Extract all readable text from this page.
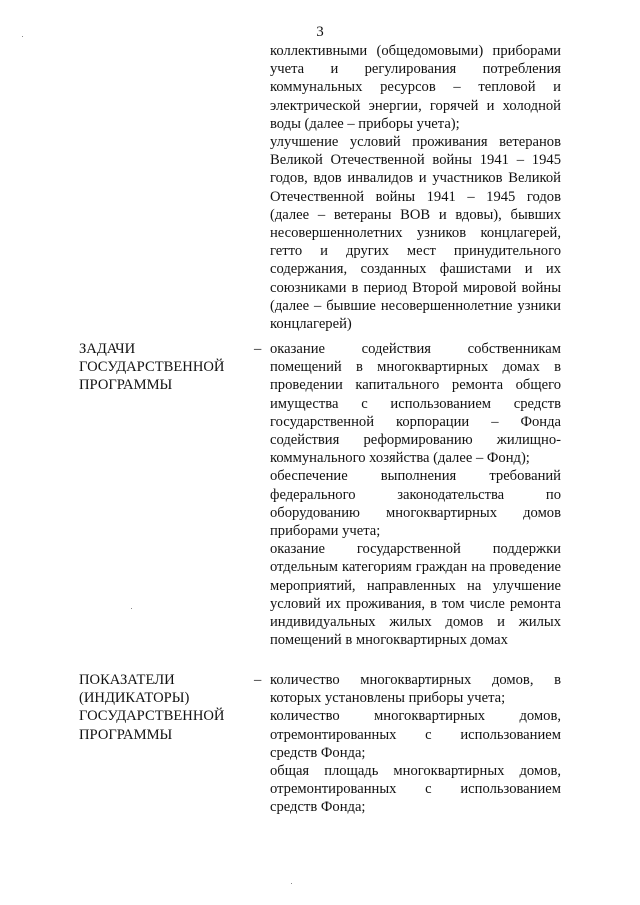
3

коллективными (общедомовыми) приборами учета и регулирования потребления коммунальных ресурсов – тепловой и электрической энергии, горячей и холодной воды (далее – приборы учета);

улучшение условий проживания ветеранов Великой Отечественной войны 1941 – 1945 годов, вдов инвалидов и участников Великой Отечественной войны 1941 – 1945 годов (далее – ветераны ВОВ и вдовы), бывших несовершеннолетних узников концлагерей, гетто и других мест принудительного содержания, созданных фашистами и их союзниками в период Второй мировой войны (далее – бывшие несовершеннолетние узники концлагерей)

ЗАДАЧИ
ГОСУДАРСТВЕННОЙ
ПРОГРАММЫ
– оказание содействия собственникам помещений в многоквартирных домах в проведении капитального ремонта общего имущества с использованием средств государственной корпорации – Фонда содействия реформированию жилищно-коммунального хозяйства (далее – Фонд);

обеспечение выполнения требований федерального законодательства по оборудованию многоквартирных домов приборами учета;

оказание государственной поддержки отдельным категориям граждан на проведение мероприятий, направленных на улучшение условий их проживания, в том числе ремонта индивидуальных жилых домов и жилых помещений в многоквартирных домах

ПОКАЗАТЕЛИ
(ИНДИКАТОРЫ)
ГОСУДАРСТВЕННОЙ
ПРОГРАММЫ
– количество многоквартирных домов, в которых установлены приборы учета;

количество многоквартирных домов, отремонтированных с использованием средств Фонда;

общая площадь многоквартирных домов, отремонтированных с использованием средств Фонда;
